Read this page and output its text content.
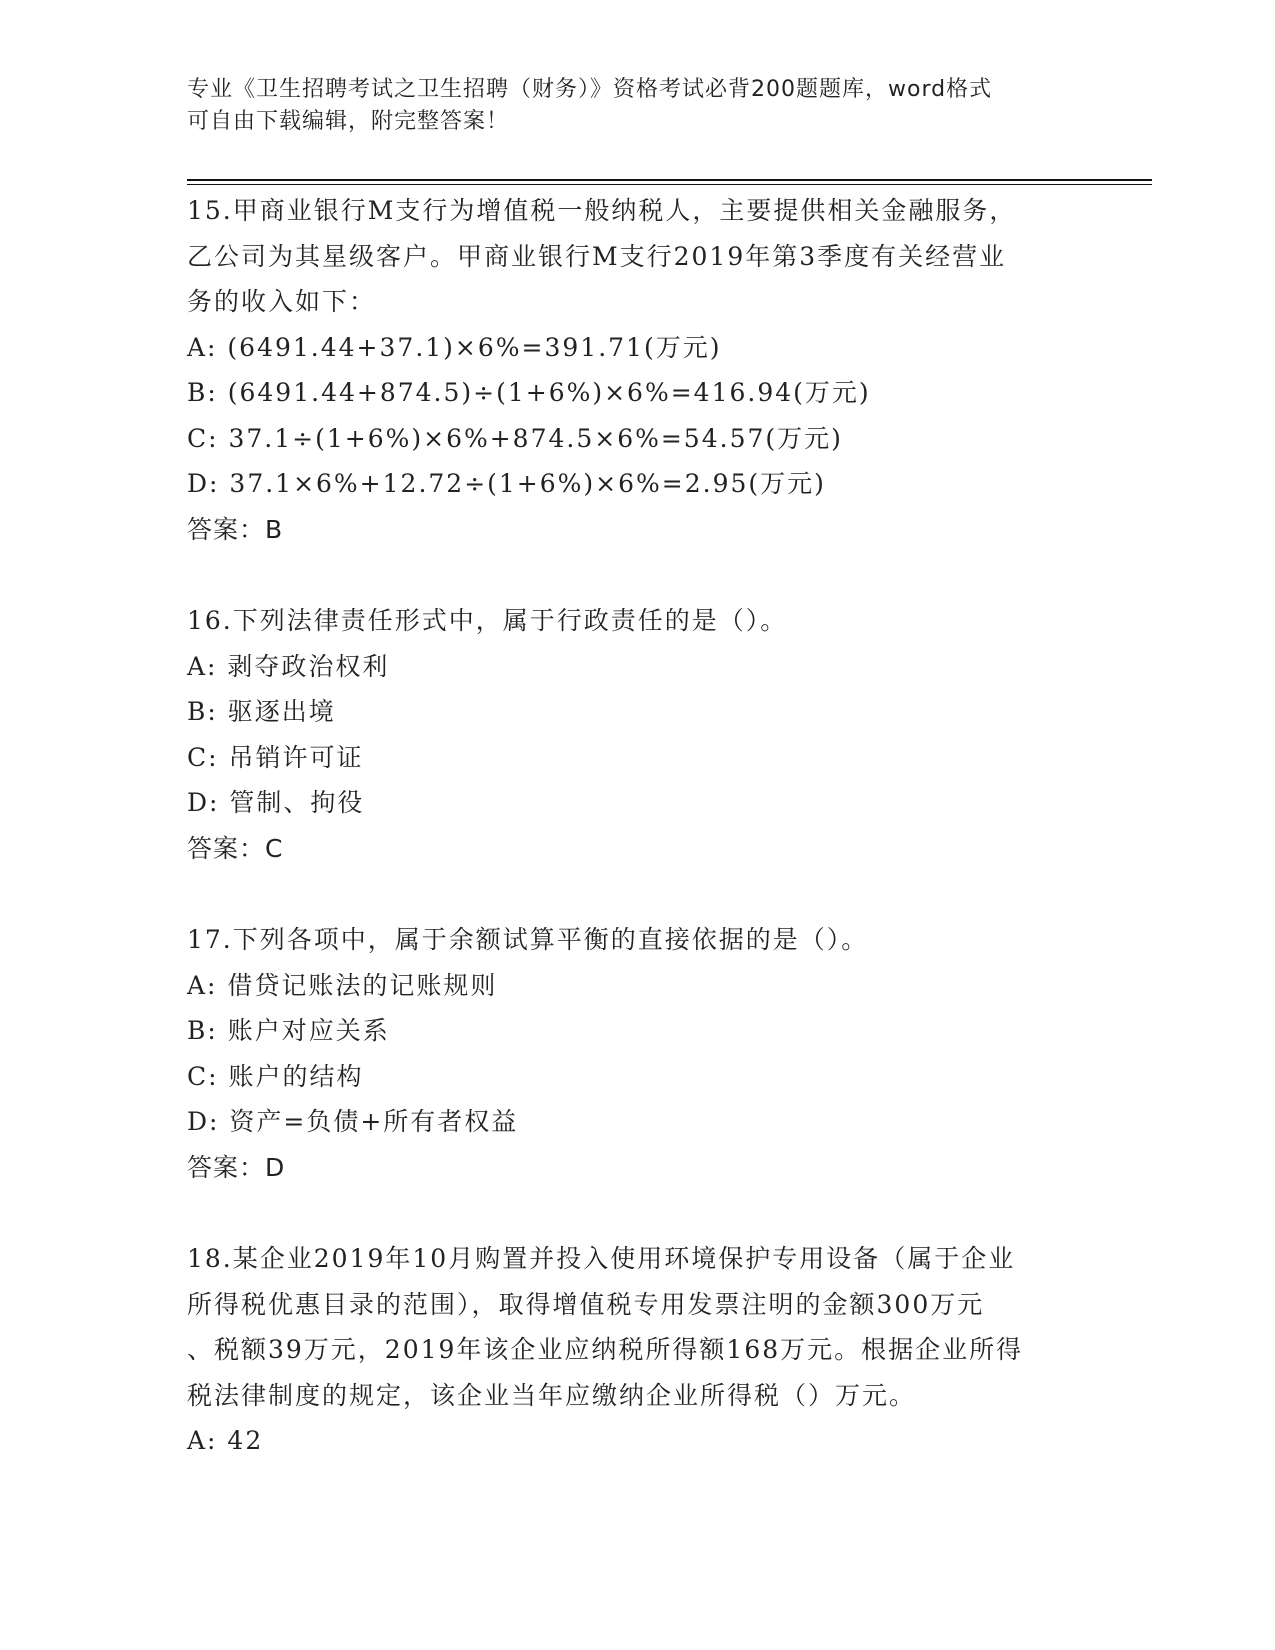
专业《卫生招聘考试之卫生招聘（财务）》资格考试必背200题题库，word格式
可自由下载编辑，附完整答案！
15.甲商业银行M支行为增值税一般纳税人，主要提供相关金融服务，
乙公司为其星级客户。甲商业银行M支行2019年第3季度有关经营业
务的收入如下：
A: (6491.44+37.1)×6%=391.71(万元)
B: (6491.44+874.5)÷(1+6%)×6%=416.94(万元)
C: 37.1÷(1+6%)×6%+874.5×6%=54.57(万元)
D: 37.1×6%+12.72÷(1+6%)×6%=2.95(万元)
答案：B
16.下列法律责任形式中，属于行政责任的是（）。
A: 剥夺政治权利
B: 驱逐出境
C: 吊销许可证
D: 管制、拘役
答案：C
17.下列各项中，属于余额试算平衡的直接依据的是（）。
A: 借贷记账法的记账规则
B: 账户对应关系
C: 账户的结构
D: 资产=负债+所有者权益
答案：D
18.某企业2019年10月购置并投入使用环境保护专用设备（属于企业
所得税优惠目录的范围），取得增值税专用发票注明的金额300万元
、税额39万元，2019年该企业应纳税所得额168万元。根据企业所得
税法律制度的规定，该企业当年应缴纳企业所得税（）万元。
A: 42
